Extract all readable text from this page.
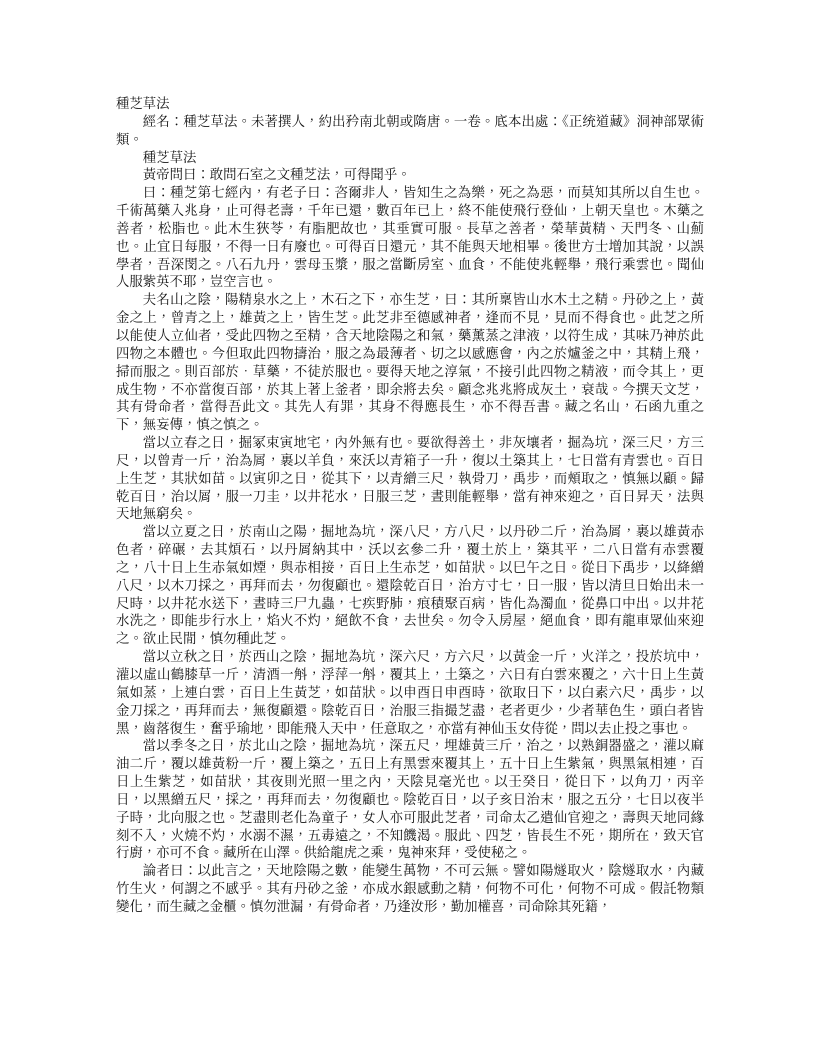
種芝草法

經名：種芝草法。未著撰人，約出矜南北朝或隋唐。一卷。底本出處：《正统道藏》洞神部眾術類。

種芝草法

黃帝問曰：敢問石室之文種芝法，可得聞乎。

曰：種芝第七經內，有老子曰：咨爾非人，皆知生之為樂，死之為惡，而莫知其所以自生也。千術萬藥入兆身，止可得老壽，千年已還，數百年已上，終不能使飛行登仙，上朝天皇也。木藥之善者，松脂也。此木生狹苓，有脂肥故也，其垂實可服。長草之善者，榮華黃精、天門冬、山薊也。止宜日每服，不得一日有廢也。可得百日還元，其不能與天地相畢。後世方士增加其說，以誤學者，吾深閔之。八石九丹，雲母玉漿，服之當斷房室、血食，不能使兆輕舉，飛行乘雲也。聞仙人服紫英不耶，豈空言也。

夫名山之陰，陽精泉水之上，木石之下，亦生芝，曰：其所稟皆山水木土之精。丹砂之上，黃金之上，曾青之上，雄黃之上，皆生芝。此芝非至德感神者，逢而不見，見而不得食也。此芝之所以能使人立仙者，受此四物之至精，含天地陰陽之和氣，藥薰蒸之津液，以符生成，其味乃神於此四物之本體也。今但取此四物擣治，服之為最薄者、切之以感應會，內之於爐釜之中，其精上飛，掃而服之。則百部於．草藥，不徒於服也。要得天地之淳氣，不接引此四物之精液，而令其上，更成生物，不亦當復百部，於其上著上釜者，即余將去矣。顧念兆兆將成灰土，衰哉。今撰天文芝，其有骨命者，當得吾此文。其先人有罪，其身不得應長生，亦不得吾書。藏之名山，石函九重之下，無妄傳，慎之慎之。

當以立春之日，掘冢束寅地宅，內外無有也。要欲得善土，非灰壤者，掘為坑，深三尺，方三尺，以曾青一斤，治為屑，裹以羊負，來沃以青箱子一升，復以土築其上，七日當有青雲也。百日上生芝，其狀如苗。以寅卯之日，從其下，以青繒三尺，執骨刀，禹步，而頰取之，慎無以顧。歸乾百日，治以屑，服一刀圭，以井花水，日服三芝，晝則能輕舉，當有神來迎之，百日昇天，法與天地無窮矣。

當以立夏之日，於南山之陽，掘地為坑，深八尺，方八尺，以丹砂二斤，治為屑，裹以雄黃赤色者，碎碾，去其煩石，以丹屑納其中，沃以玄參二升，覆土於上，築其平，二八日當有赤雲覆之，八十日上生赤氣如煙，與赤相接，百日上生赤芝，如苗狀。以巳午之日。從日下禹步，以絳繒八尺，以木刀採之，再拜而去，勿復顧也。還陰乾百日，治方寸七，日一服，皆以清旦日始出未一尺時，以井花水送下，晝時三尸九蟲，七疾野肺，痕積聚百病，皆化為濁血，從鼻口中出。以井花水洗之，即能步行水上，焰火不灼，絕飲不食，去世矣。勿令入房屋，絕血食，即有龍車眾仙來迎之。欲止民閒，慎勿種此芝。

當以立秋之日，於西山之陰，掘地為坑，深六尺，方六尺，以黃金一斤，火洋之，投於坑中，灌以虛山鶴膝草一斤，清酒一斛，浮萍一斛，覆其上，土築之，六日有白雲來覆之，六十日上生黃氣如蒸，上連白雲，百日上生黃芝，如苗狀。以申酉日申酉時，欲取日下，以白素六尺，禹步，以金刀採之，再拜而去，無復顧還。陰乾百日，治服三指撮芝盡，老者更少，少者華色生，頭白者皆黑，齒落復生，奮乎瑜地，即能飛入天中，任意取之，亦當有神仙玉女侍從，問以去止投之事也。

當以季冬之日，於北山之陰，掘地為坑，深五尺，埋雄黃三斤，治之，以熟銅器盛之，灌以麻油二斤，覆以雄黃粉一斤，覆上築之，五日上有黑雲來覆其上，五十日上生紫氣，與黑氣相連，百日上生紫芝，如苗狀，其夜則光照一里之內，天陰見毫光也。以壬癸日，從日下，以角刀，丙辛日，以黑繒五尺，採之，再拜而去，勿復顧也。陰乾百日，以子亥日治末，服之五分，七日以夜半子時，北向服之也。芝盡則老化為童子，女人亦可服此芝者，司命太乙遣仙官迎之，壽與天地同緣刻不入，火燒不灼，水溺不濕，五毒遠之，不知饑渴。服此、四芝，皆長生不死，期所在，致天官行廚，亦可不食。藏所在山澤。供給龍虎之乘，鬼神來拜，受使秘之。

論者曰：以此言之，天地陰陽之數，能變生萬物，不可云無。譬如陽燧取火，陰燧取水，內藏竹生火，何謂之不感乎。其有丹砂之釜，亦成水銀感動之精，何物不可化，何物不可成。假託物類變化，而生藏之金櫃。慎勿泄漏，有骨命者，乃逢汝形，勤加權喜，司命除其死籍，
